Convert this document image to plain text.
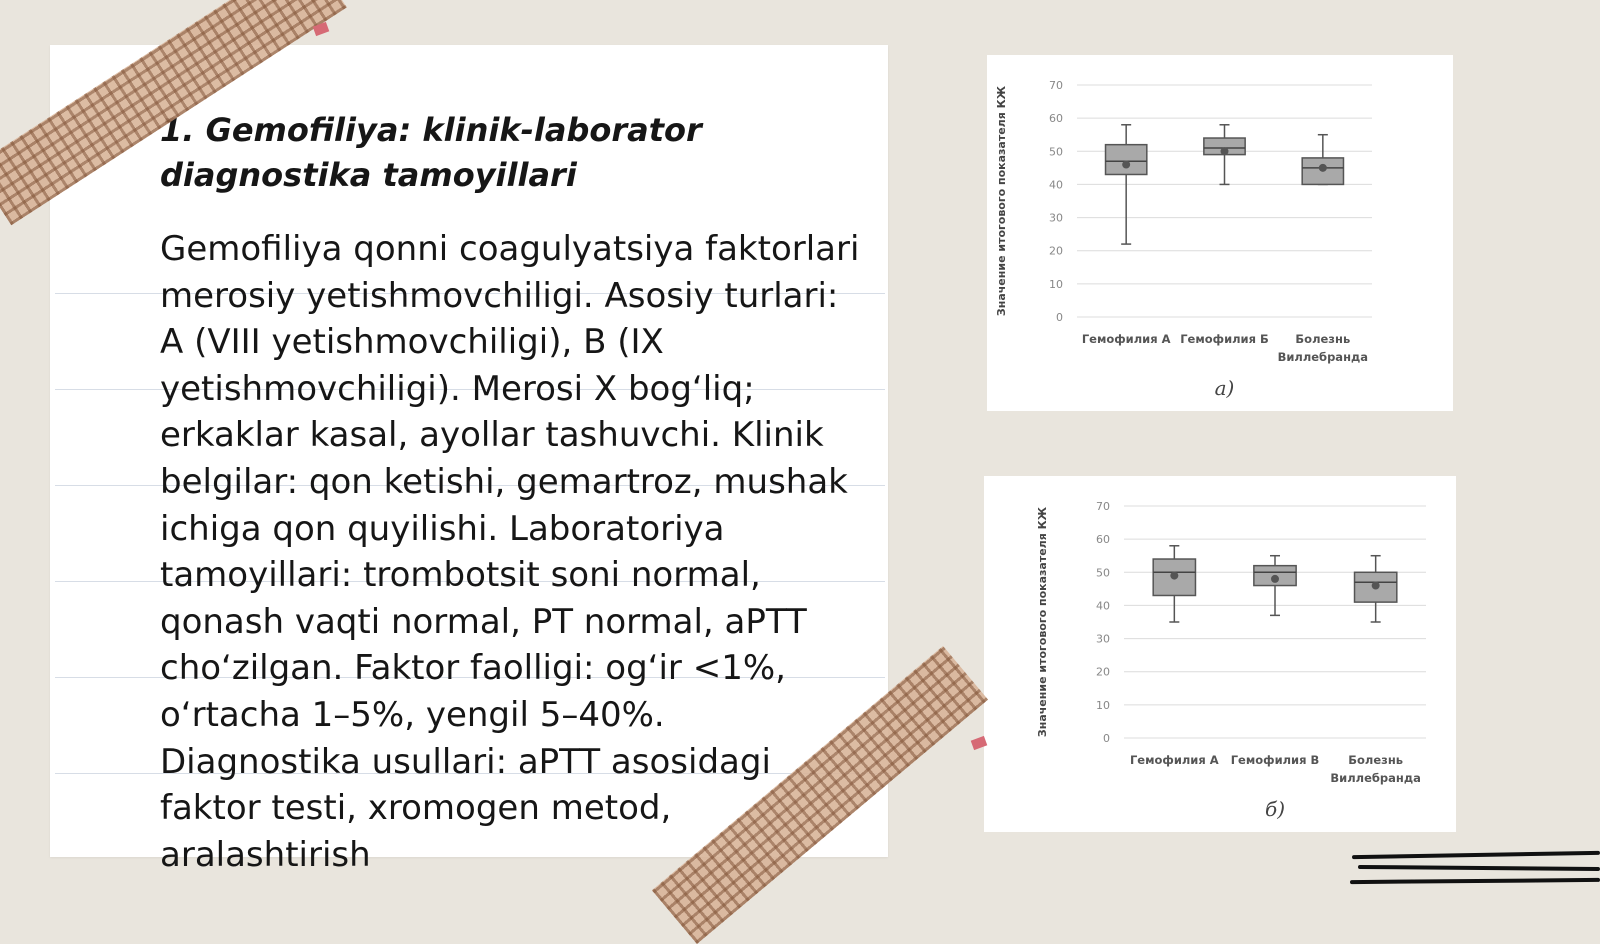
1. Gemofiliya: klinik-laborator diagnostika tamoyillari

Gemofiliya qonni coagulyatsiya faktorlari merosiy yetishmovchiligi. Asosiy turlari: A (VIII yetishmovchiligi), B (IX yetishmovchiligi). Merosi X bog‘liq; erkaklar kasal, ayollar tashuvchi. Klinik belgilar: qon ketishi, gemartroz, mushak ichiga qon quyilishi. Laboratoriya tamoyillari: trombotsit soni normal, qonash vaqti normal, PT normal, aPTT cho‘zilgan. Faktor faolligi: og‘ir <1%, o‘rtacha 1–5%, yengil 5–40%. Diagnostika usullari: aPTT asosidagi faktor testi, xromogen metod, aralashtirish

0
10
20
30
40
50
60
70
Значение итогового показателя КЖ
Гемофилия А Гемофилия Б Болезнь
Виллебранда
а)
0
10
20
30
40
50
60
70
Значение итогового показателя КЖ
Гемофилия А Гемофилия В	Болезнь
Виллебранда
б)
